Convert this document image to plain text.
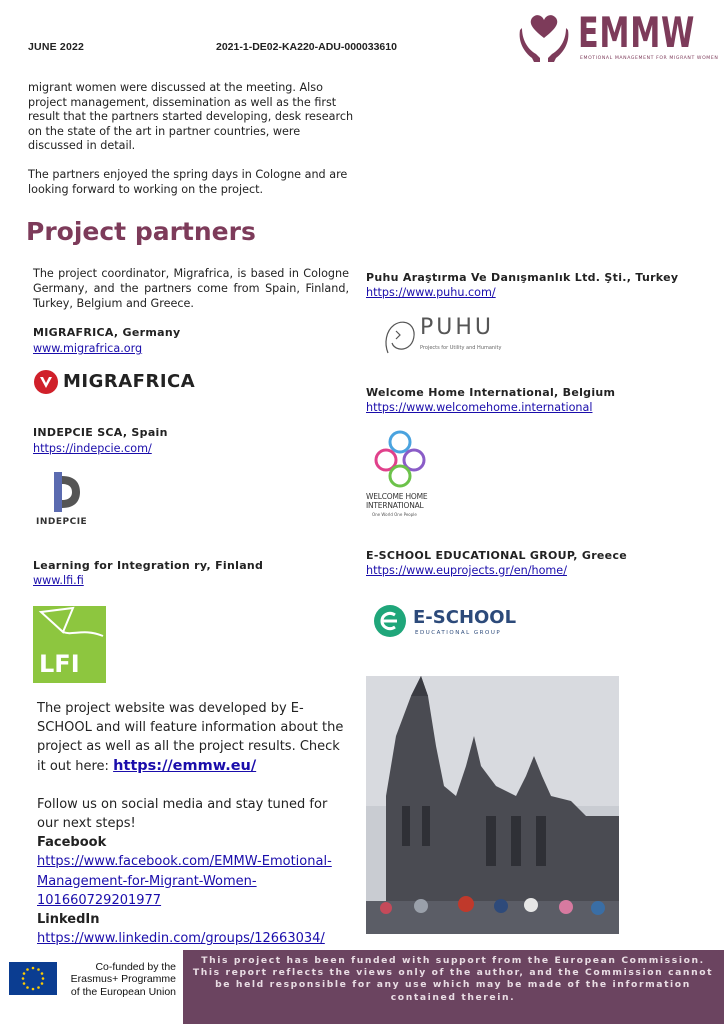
JUNE 2022	2021-1-DE02-KA220-ADU-000033610	EMMW
EMOTIONAL MANAGEMENT FOR MIGRANT WOMEN

migrant women were discussed at the meeting. Also project management, dissemination as well as the first result that the partners started developing, desk research on the state of the art in partner countries, were discussed in detail.

The partners enjoyed the spring days in Cologne and are looking forward to working on the project.

Project partners
The project coordinator, Migrafrica, is based in Cologne Germany, and the partners come from Spain, Finland, Turkey, Belgium and Greece.
MIGRAFRICA, Germany
www.migrafrica.org
MIGRAFRICA
INDEPCIE SCA, Spain
https://indepcie.com/
INDEPCIE
Learning for Integration ry, Finland
www.lfi.fi
LFI
Puhu Araştırma Ve Danışmanlık Ltd. Şti., Turkey
https://www.puhu.com/
PUHU
Projects for Utility and Humanity
Welcome Home International, Belgium
https://www.welcomehome.international
WELCOME HOME INTERNATIONAL
One World One People
E-SCHOOL EDUCATIONAL GROUP, Greece
https://www.euprojects.gr/en/home/
E-SCHOOL
EDUCATIONAL GROUP
The project website was developed by E-SCHOOL and will feature information about the project as well as all the project results. Check it out here: https://emmw.eu/
Follow us on social media and stay tuned for our next steps!
Facebook
https://www.facebook.com/EMMW-Emotional-Management-for-Migrant-Women-101660729201977
LinkedIn
https://www.linkedin.com/groups/12663034/
Co-funded by the Erasmus+ Programme of the European Union
This project has been funded with support from the European Commission. This report reflects the views only of the author, and the Commission cannot be held responsible for any use which may be made of the information contained therein.
